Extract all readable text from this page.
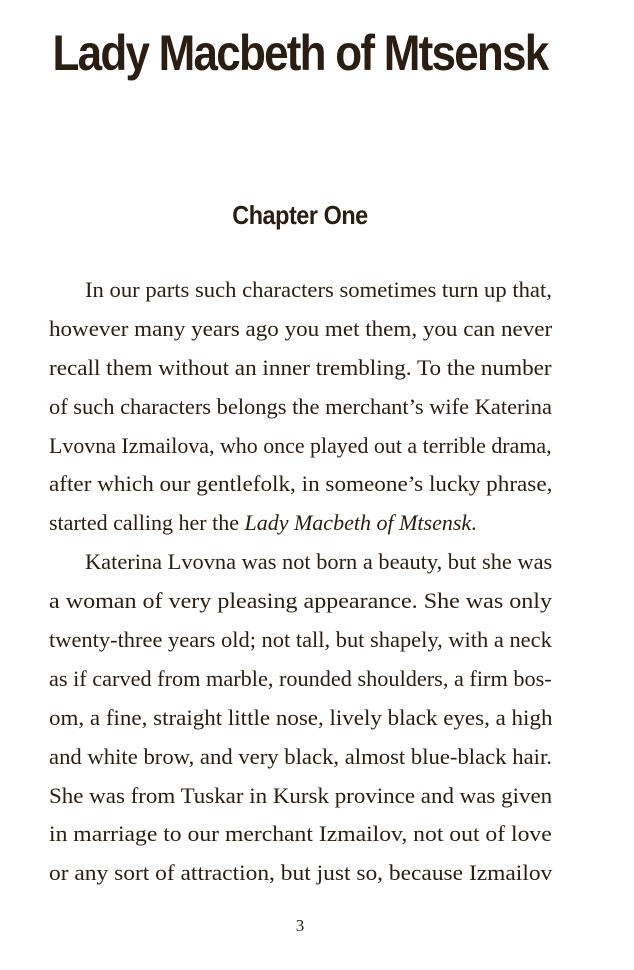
Lady Macbeth of Mtsensk
Chapter One
In our parts such characters sometimes turn up that,
however many years ago you met them, you can never
recall them without an inner trembling. To the number
of such characters belongs the merchant’s wife Katerina
Lvovna Izmailova, who once played out a terrible drama,
after which our gentlefolk, in someone’s lucky phrase,
started calling her the Lady Macbeth of Mtsensk.
Katerina Lvovna was not born a beauty, but she was
a woman of very pleasing appearance. She was only
twenty-three years old; not tall, but shapely, with a neck
as if carved from marble, rounded shoulders, a firm bos-
om, a fine, straight little nose, lively black eyes, a high
and white brow, and very black, almost blue-black hair.
She was from Tuskar in Kursk province and was given
in marriage to our merchant Izmailov, not out of love
or any sort of attraction, but just so, because Izmailov
3
